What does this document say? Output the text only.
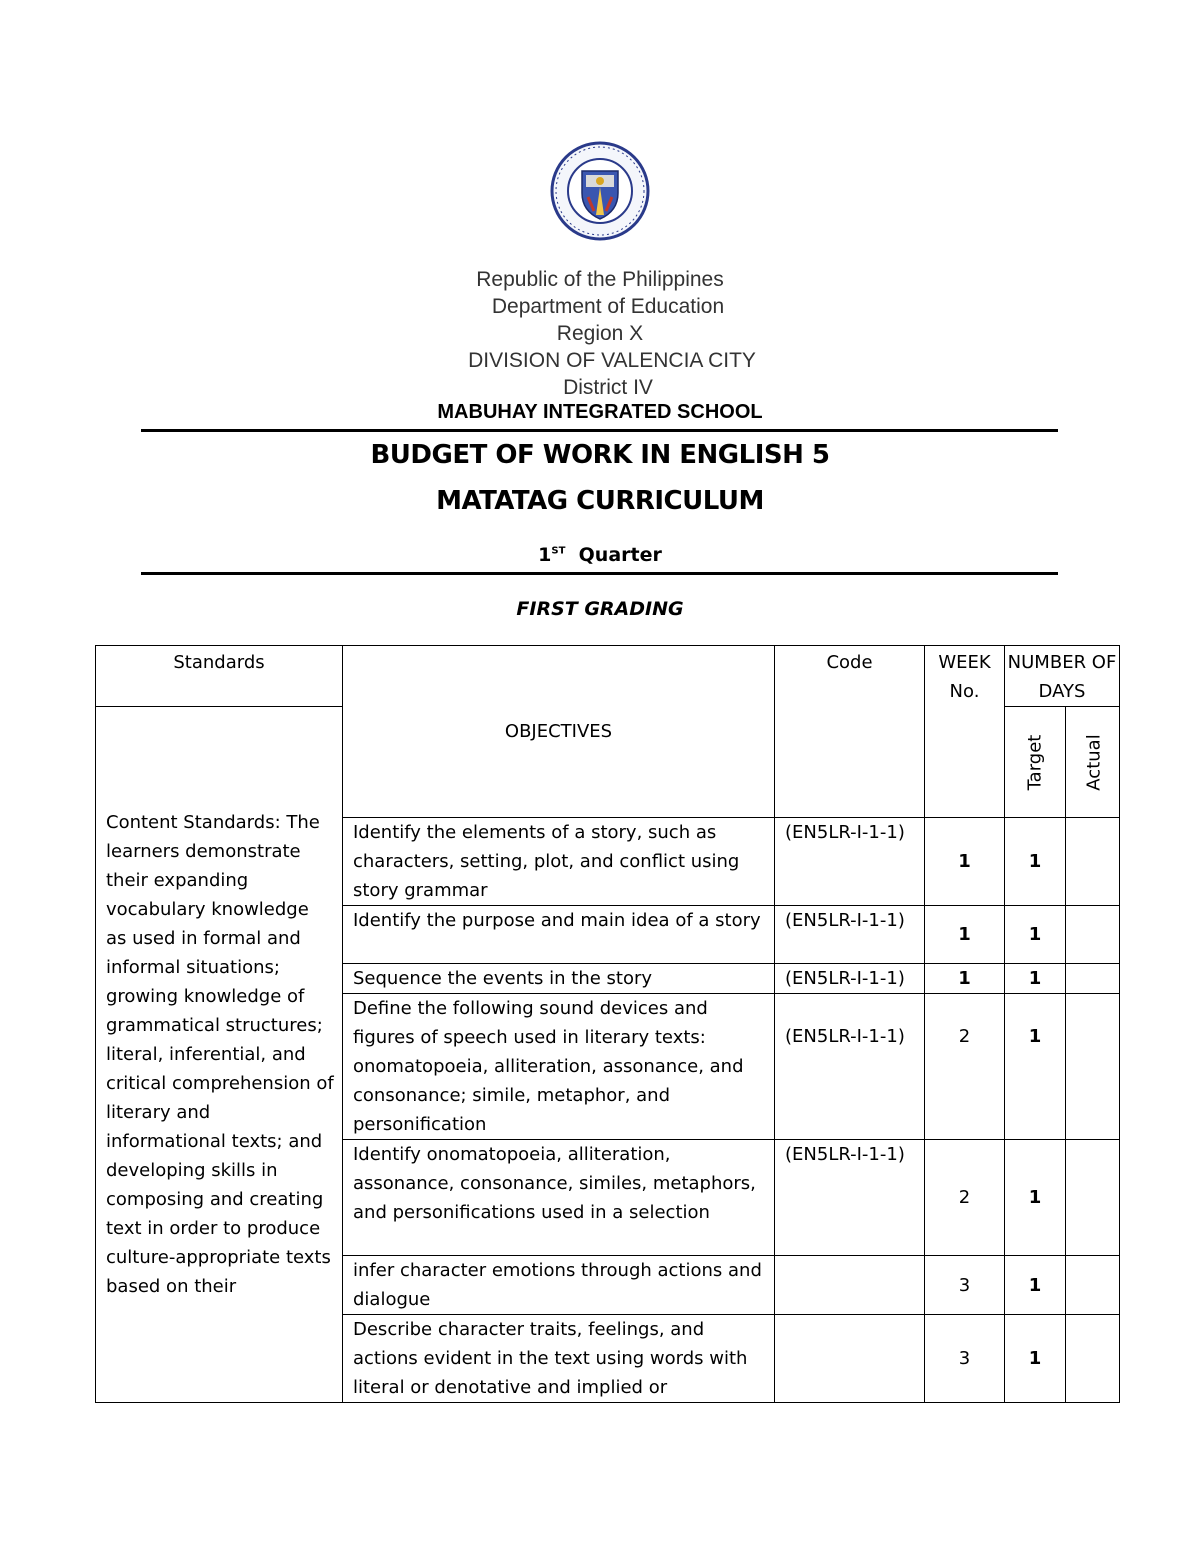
Republic of the Philippines
Department of Education
Region X
DIVISION OF VALENCIA CITY
District IV
MABUHAY INTEGRATED SCHOOL
BUDGET OF WORK IN ENGLISH 5
MATATAG CURRICULUM
1ST Quarter
FIRST GRADING
Standards	OBJECTIVES	Code	WEEK No.	NUMBER OF DAYS	
Content Standards: The learners demonstrate their expanding vocabulary knowledge as used in formal and informal situations; growing knowledge of grammatical structures; literal, inferential, and critical comprehension of literary and informational texts; and developing skills in composing and creating text in order to produce culture-appropriate texts based on their				Target	Actual
	Identify the elements of a story, such as characters, setting, plot, and conflict using story grammar	(EN5LR-I-1-1)	1	1	
	Identify the purpose and main idea of a story	(EN5LR-I-1-1)	1	1	
	Sequence the events in the story	(EN5LR-I-1-1)	1	1	
	Define the following sound devices and figures of speech used in literary texts: onomatopoeia, alliteration, assonance, and consonance; simile, metaphor, and personification	(EN5LR-I-1-1)	2	1	
	Identify onomatopoeia, alliteration, assonance, consonance, similes, metaphors, and personifications used in a selection	(EN5LR-I-1-1)	2	1	
	infer character emotions through actions and dialogue		3	1	
	Describe character traits, feelings, and actions evident in the text using words with literal or denotative and implied or		3	1	
